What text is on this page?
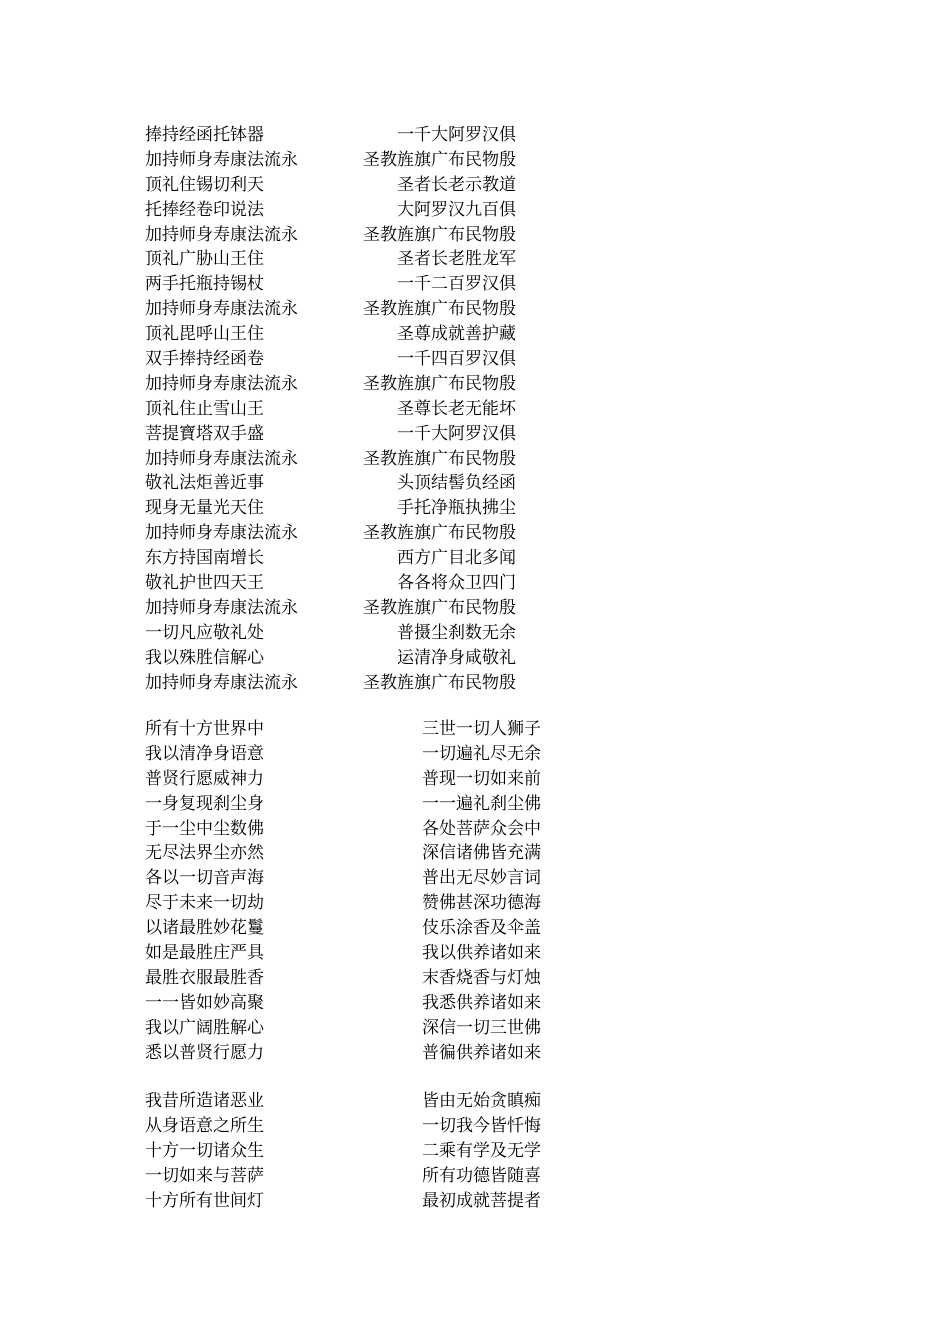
捧持经函托钵器	一千大阿罗汉俱
加持师身寿康法流永	圣教旌旗广布民物殷
顶礼住锡切利天	圣者长老示教道
托捧经卷印说法	大阿罗汉九百俱
加持师身寿康法流永	圣教旌旗广布民物殷
顶礼广胁山王住	圣者长老胜龙军
两手托瓶持锡杖	一千二百罗汉俱
加持师身寿康法流永	圣教旌旗广布民物殷
顶礼毘呼山王住	圣尊成就善护藏
双手捧持经函卷	一千四百罗汉俱
加持师身寿康法流永	圣教旌旗广布民物殷
顶礼住止雪山王	圣尊长老无能坏
菩提寶塔双手盛	一千大阿罗汉俱
加持师身寿康法流永	圣教旌旗广布民物殷
敬礼法炬善近事	头顶结髻负经函
现身无量光天住	手托净瓶执拂尘
加持师身寿康法流永	圣教旌旗广布民物殷
东方持国南增长	西方广目北多闻
敬礼护世四天王	各各将众卫四门
加持师身寿康法流永	圣教旌旗广布民物殷
一切凡应敬礼处	普摄尘刹数无余
我以殊胜信解心	运清净身咸敬礼
加持师身寿康法流永	圣教旌旗广布民物殷
所有十方世界中	三世一切人狮子
我以清净身语意	一切遍礼尽无余
普贤行愿威神力	普现一切如来前
一身复现刹尘身	一一遍礼刹尘佛
于一尘中尘数佛	各处菩萨众会中
无尽法界尘亦然	深信诸佛皆充满
各以一切音声海	普出无尽妙言词
尽于未来一切劫	赞佛甚深功德海
以诸最胜妙花鬘	伎乐涂香及伞盖
如是最胜庄严具	我以供养诸如来
最胜衣服最胜香	末香烧香与灯烛
一一皆如妙高聚	我悉供养诸如来
我以广阔胜解心	深信一切三世佛
悉以普贤行愿力	普徧供养诸如来
我昔所造诸恶业	皆由无始贪瞋痴
从身语意之所生	一切我今皆忏悔
十方一切诸众生	二乘有学及无学
一切如来与菩萨	所有功德皆随喜
十方所有世间灯	最初成就菩提者
